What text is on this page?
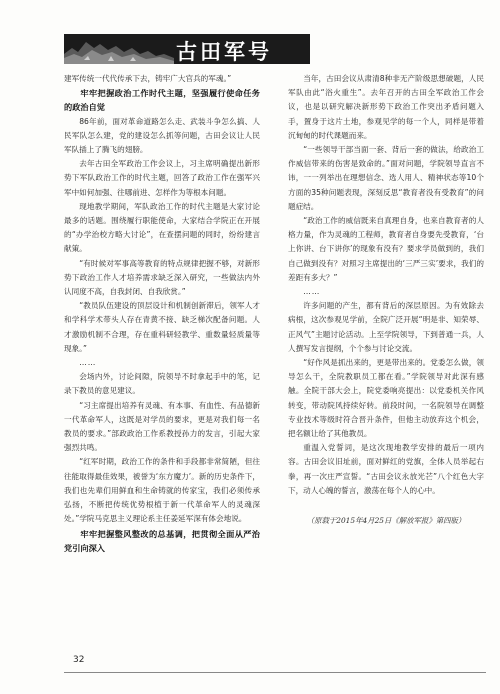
古田军号

建军传统一代代传承下去，铸牢广大官兵的军魂。”

牢牢把握政治工作时代主题，坚强履行使命任务的政治自觉

86年前，面对革命道路怎么走、武装斗争怎么搞、人民军队怎么建，党的建设怎么抓等问题，古田会议让人民军队插上了腾飞的翅膀。

去年古田全军政治工作会议上，习主席明确提出新形势下军队政治工作的时代主题，回答了政治工作在强军兴军中如何加强、往哪前进、怎样作为等根本问题。

现地教学期间，军队政治工作的时代主题是大家讨论最多的话题。围绕履行职能使命，大家结合学院正在开展的“办学治校方略大讨论”，在查摆问题的同时，纷纷建言献策。

“有时候对军事高等教育的特点规律把握不够，对新形势下政治工作人才培养需求缺乏深入研究，一些做法内外认同度不高，自我封闭、自我欣赏。”

“教员队伍建设的顶层设计和机制创新滞后，领军人才和学科学术带头人存在青黄不接、缺乏梯次配备问题。人才激励机制不合理，存在重科研轻教学、重数量轻质量等现象。”

……

会场内外，讨论间隙，院领导不时拿起手中的笔，记录下教员的意见建议。

“习主席提出培养有灵魂、有本事、有血性、有品德新一代革命军人，这既是对学员的要求，更是对我们每一名教员的要求。”部政政治工作系教授孙力的发言，引起大家强烈共鸣。

“红军时期，政治工作的条件和手段都非常简陋，但往往能取得最佳效果，被誉为‘东方魔力’。新的历史条件下，我们也先辈们用鲜血和生命铸就的传家宝，我们必须传承弘扬，不断把传统优势根植于新一代革命军人的灵魂深处。”学院马克思主义理论系主任姜延军深有体会地说。

牢牢把握整风整改的总基调，把贯彻全面从严治党引向深入

当年，古田会议从肃清8种非无产阶级思想破题，人民军队由此“浴火重生”。去年召开的古田全军政治工作会议，也是以研究解决新形势下政治工作突出矛盾问题入手，置身于这片土地，参观见学的每一个人，同样是带着沉甸甸的时代课题而来。

“一些领导干部当面一套、背后一套的做法，给政治工作威信带来的伤害是致命的。”面对问题，学院领导直言不讳，一一列举出在理想信念、选人用人、精神状态等10个方面的35种问题表现，深刻反思“教育者没有受教育”的问题症结。

“政治工作的威信既来自真理自身，也来自教育者的人格力量，作为灵魂的工程师，教育者自身要先受教育，‘台上你讲、台下讲你’的现象有没有？要求学员做到的，我们自己做到没有？对照习主席提出的‘三严三实’要求，我们的差距有多大？”

……

许多问题的产生，都有背后的深层原因。为有效除去病根，这次参观见学前，全院广泛开展“明是非、知荣辱、正风气”主题讨论活动。上至学院领导，下到普通一兵，人人撰写发言提纲，个个参与讨论交流。

“好作风是抓出来的，更是带出来的。党委怎么做，领导怎么干，全院教职员工都在看。”学院领导对此深有感触。全院干部大会上，院党委响亮提出：以党委机关作风转变，带动院风持续好转。前段时间，一名院领导在调整专业技术等级时符合晋升条件，但他主动放弃这个机会，把名额让给了其他教员。

重温入党誓词，是这次现地教学安排的最后一项内容。古田会议旧址前，面对鲜红的党旗，全体人员举起右拳，再一次庄严宣誓。“古田会议永放光芒”八个红色大字下，动人心魄的誓言，激荡在每个人的心中。

（原载于2015年4月25日《解放军报》第四版）

32
